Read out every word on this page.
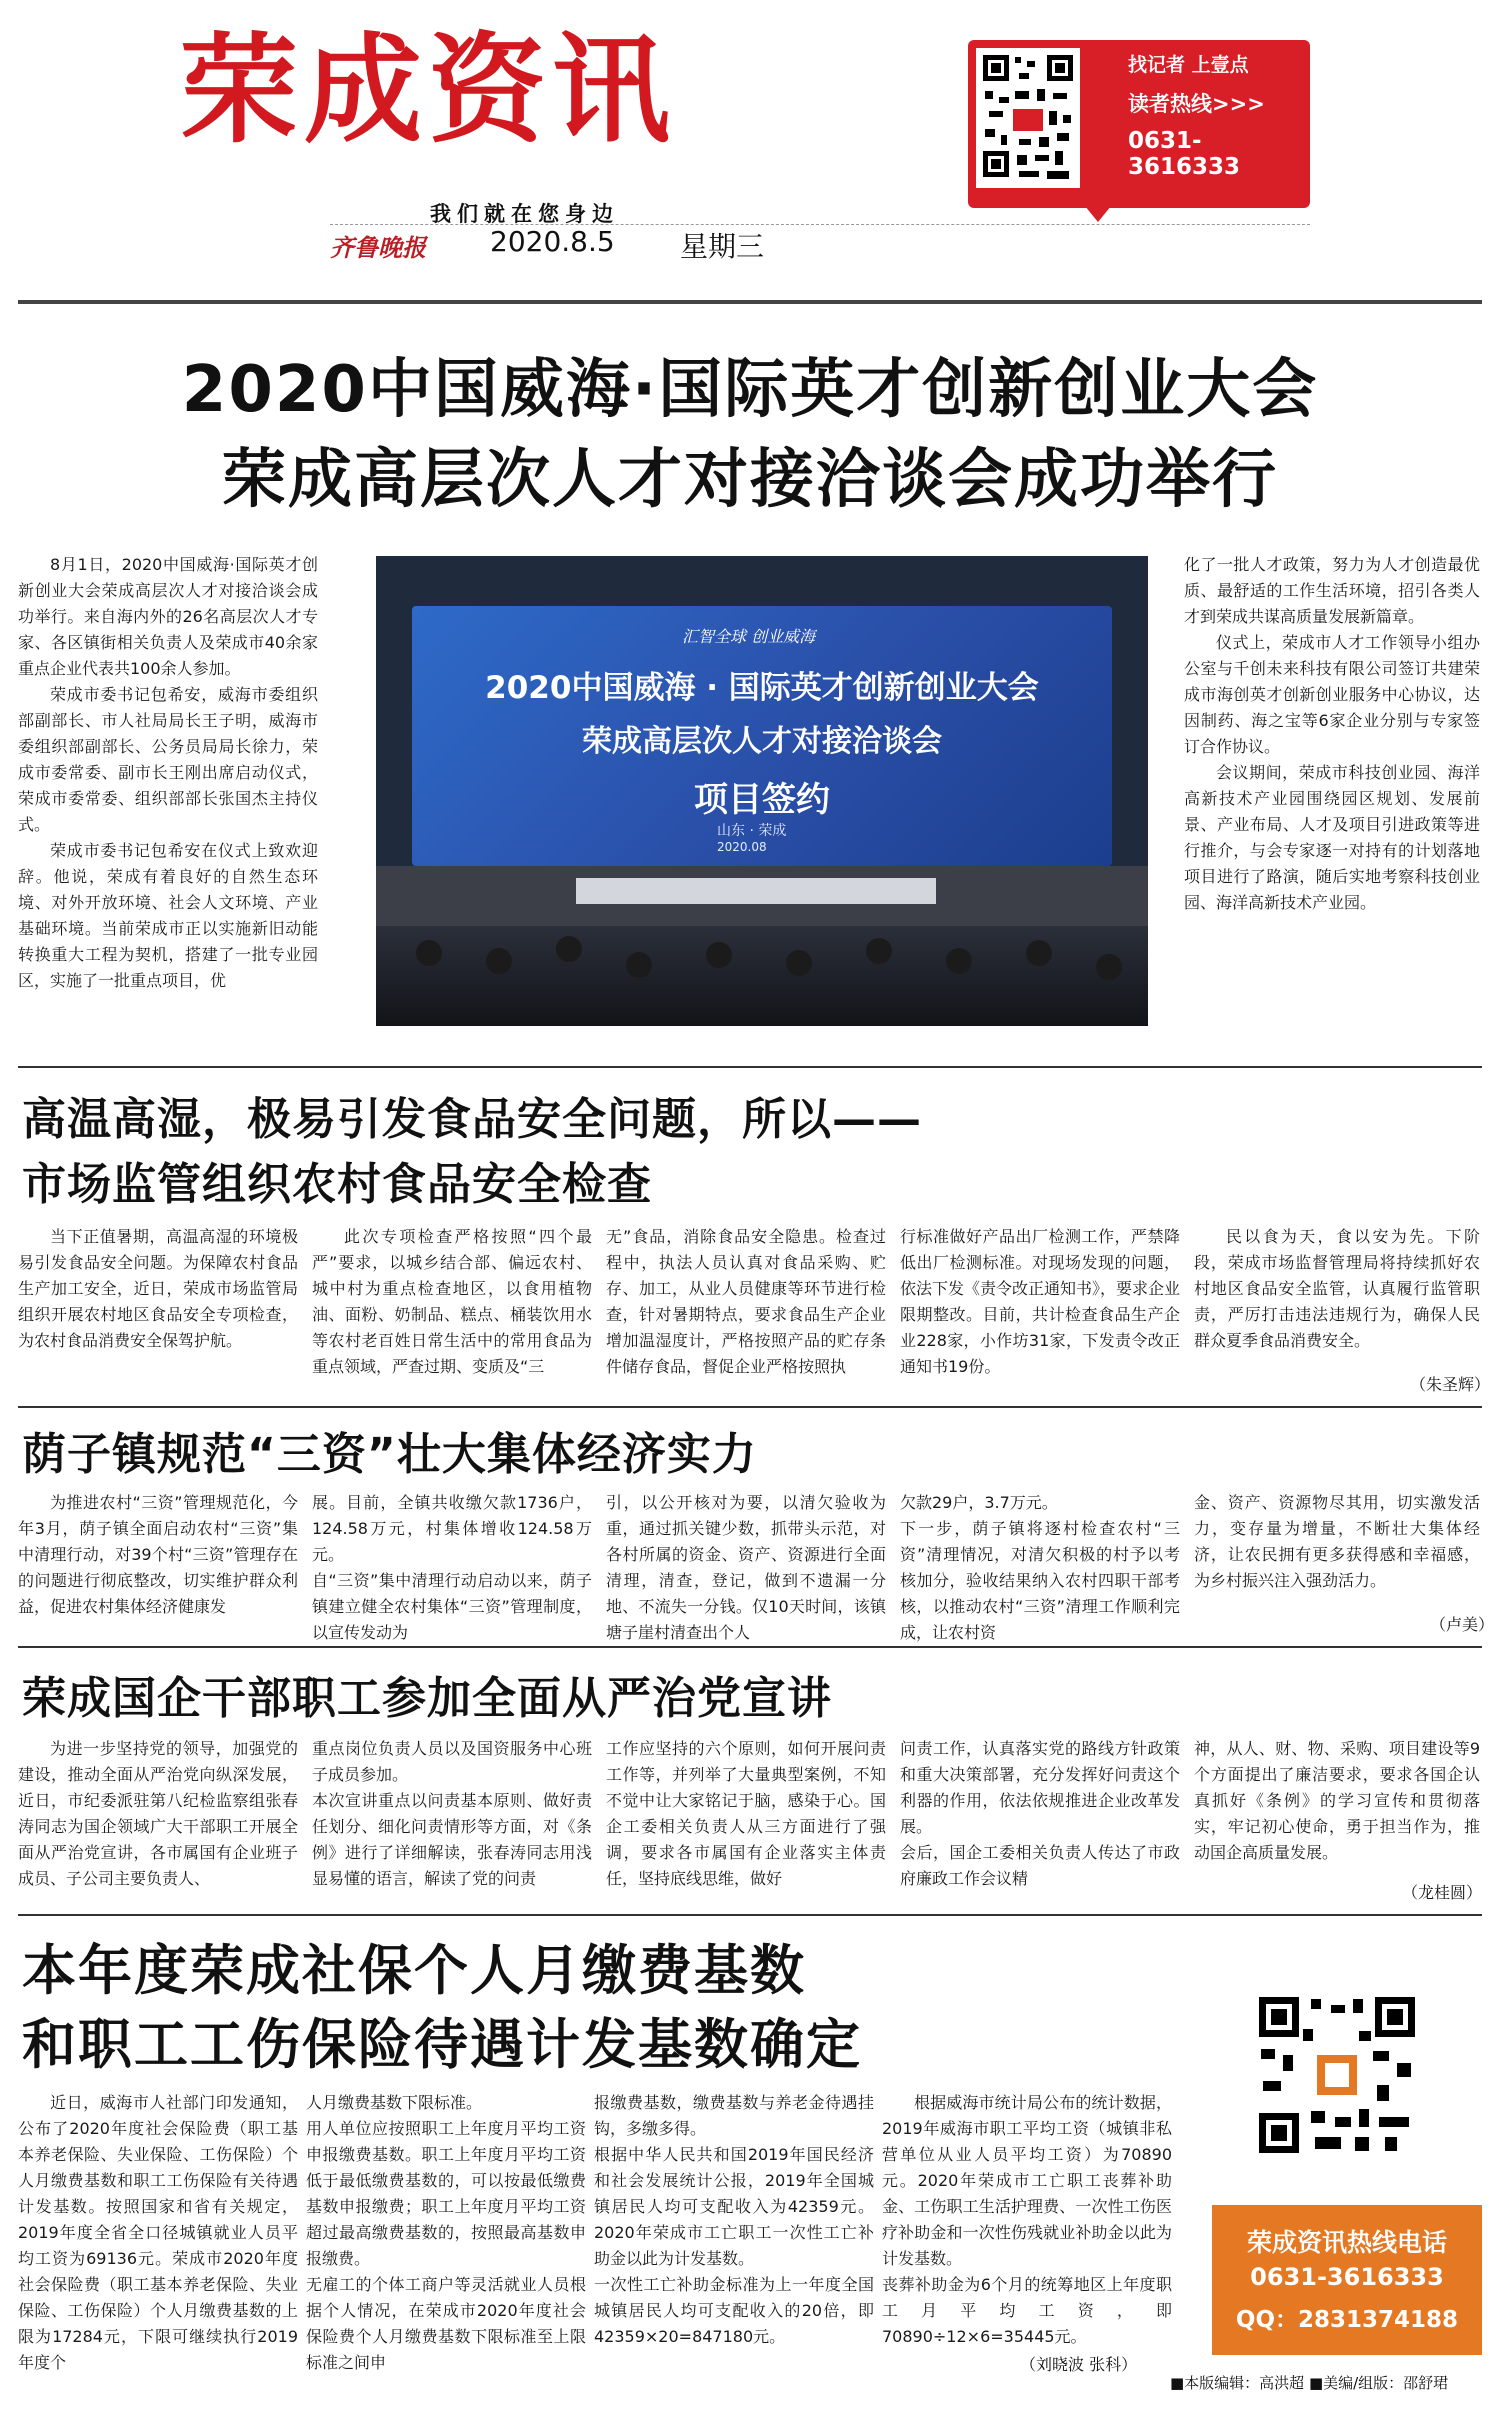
荣成资讯
我们就在您身边
齐鲁晚报 2020.8.5 星期三
找记者 上壹点
读者热线>>>
0631-3616333
2020中国威海·国际英才创新创业大会
荣成高层次人才对接洽谈会成功举行

8月1日，2020中国威海·国际英才创新创业大会荣成高层次人才对接洽谈会成功举行。来自海内外的26名高层次人才专家、各区镇街相关负责人及荣成市40余家重点企业代表共100余人参加。

荣成市委书记包希安，威海市委组织部副部长、市人社局局长王子明，威海市委组织部副部长、公务员局局长徐力，荣成市委常委、副市长王刚出席启动仪式，荣成市委常委、组织部部长张国杰主持仪式。

荣成市委书记包希安在仪式上致欢迎辞。他说，荣成有着良好的自然生态环境、对外开放环境、社会人文环境、产业基础环境。当前荣成市正以实施新旧动能转换重大工程为契机，搭建了一批专业园区，实施了一批重点项目，优

汇智全球 创业威海
2020中国威海 · 国际英才创新创业大会
荣成高层次人才对接洽谈会
项目签约
山东 · 荣成
2020.08

化了一批人才政策，努力为人才创造最优质、最舒适的工作生活环境，招引各类人才到荣成共谋高质量发展新篇章。

仪式上，荣成市人才工作领导小组办公室与千创未来科技有限公司签订共建荣成市海创英才创新创业服务中心协议，达因制药、海之宝等6家企业分别与专家签订合作协议。

会议期间，荣成市科技创业园、海洋高新技术产业园围绕园区规划、发展前景、产业布局、人才及项目引进政策等进行推介，与会专家逐一对持有的计划落地项目进行了路演，随后实地考察科技创业园、海洋高新技术产业园。

高温高湿，极易引发食品安全问题，所以——
市场监管组织农村食品安全检查

当下正值暑期，高温高湿的环境极易引发食品安全问题。为保障农村食品生产加工安全，近日，荣成市场监管局组织开展农村地区食品安全专项检查，为农村食品消费安全保驾护航。

此次专项检查严格按照“四个最严”要求，以城乡结合部、偏远农村、城中村为重点检查地区，以食用植物油、面粉、奶制品、糕点、桶装饮用水等农村老百姓日常生活中的常用食品为重点领域，严查过期、变质及“三

无”食品，消除食品安全隐患。检查过程中，执法人员认真对食品采购、贮存、加工，从业人员健康等环节进行检查，针对暑期特点，要求食品生产企业增加温湿度计，严格按照产品的贮存条件储存食品，督促企业严格按照执

行标准做好产品出厂检测工作，严禁降低出厂检测标准。对现场发现的问题，依法下发《责令改正通知书》，要求企业限期整改。目前，共计检查食品生产企业228家，小作坊31家，下发责令改正通知书19份。

民以食为天，食以安为先。下阶段，荣成市场监督管理局将持续抓好农村地区食品安全监管，认真履行监管职责，严厉打击违法违规行为，确保人民群众夏季食品消费安全。

（朱圣辉）
荫子镇规范“三资”壮大集体经济实力

为推进农村“三资”管理规范化，今年3月，荫子镇全面启动农村“三资”集中清理行动，对39个村“三资”管理存在的问题进行彻底整改，切实维护群众利益，促进农村集体经济健康发

展。目前，全镇共收缴欠款1736户，124.58万元，村集体增收124.58万元。
自“三资”集中清理行动启动以来，荫子镇建立健全农村集体“三资”管理制度，以宣传发动为

引，以公开核对为要，以清欠验收为重，通过抓关键少数，抓带头示范，对各村所属的资金、资产、资源进行全面清理，清查，登记，做到不遗漏一分地、不流失一分钱。仅10天时间，该镇塘子崖村清查出个人

欠款29户，3.7万元。
下一步，荫子镇将逐村检查农村“三资”清理情况，对清欠积极的村予以考核加分，验收结果纳入农村四职干部考核，以推动农村“三资”清理工作顺利完成，让农村资

金、资产、资源物尽其用，切实激发活力，变存量为增量，不断壮大集体经济，让农民拥有更多获得感和幸福感，为乡村振兴注入强劲活力。

（卢美）
荣成国企干部职工参加全面从严治党宣讲

为进一步坚持党的领导，加强党的建设，推动全面从严治党向纵深发展，近日，市纪委派驻第八纪检监察组张春涛同志为国企领域广大干部职工开展全面从严治党宣讲，各市属国有企业班子成员、子公司主要负责人、

重点岗位负责人员以及国资服务中心班子成员参加。
本次宣讲重点以问责基本原则、做好责任划分、细化问责情形等方面，对《条例》进行了详细解读，张春涛同志用浅显易懂的语言，解读了党的问责

工作应坚持的六个原则，如何开展问责工作等，并列举了大量典型案例，不知不觉中让大家铭记于脑，感染于心。国企工委相关负责人从三方面进行了强调，要求各市属国有企业落实主体责任，坚持底线思维，做好

问责工作，认真落实党的路线方针政策和重大决策部署，充分发挥好问责这个利器的作用，依法依规推进企业改革发展。
会后，国企工委相关负责人传达了市政府廉政工作会议精

神，从人、财、物、采购、项目建设等9个方面提出了廉洁要求，要求各国企认真抓好《条例》的学习宣传和贯彻落实，牢记初心使命，勇于担当作为，推动国企高质量发展。

（龙桂圆）
本年度荣成社保个人月缴费基数
和职工工伤保险待遇计发基数确定

近日，威海市人社部门印发通知，公布了2020年度社会保险费（职工基本养老保险、失业保险、工伤保险）个人月缴费基数和职工工伤保险有关待遇计发基数。按照国家和省有关规定，2019年度全省全口径城镇就业人员平均工资为69136元。荣成市2020年度社会保险费（职工基本养老保险、失业保险、工伤保险）个人月缴费基数的上限为17284元，下限可继续执行2019年度个

人月缴费基数下限标准。
用人单位应按照职工上年度月平均工资申报缴费基数。职工上年度月平均工资低于最低缴费基数的，可以按最低缴费基数申报缴费；职工上年度月平均工资超过最高缴费基数的，按照最高基数申报缴费。
无雇工的个体工商户等灵活就业人员根据个人情况，在荣成市2020年度社会保险费个人月缴费基数下限标准至上限标准之间申

报缴费基数，缴费基数与养老金待遇挂钩，多缴多得。
根据中华人民共和国2019年国民经济和社会发展统计公报，2019年全国城镇居民人均可支配收入为42359元。2020年荣成市工亡职工一次性工亡补助金以此为计发基数。
一次性工亡补助金标准为上一年度全国城镇居民人均可支配收入的20倍，即42359×20=847180元。

根据威海市统计局公布的统计数据，2019年威海市职工平均工资（城镇非私营单位从业人员平均工资）为70890元。2020年荣成市工亡职工丧葬补助金、工伤职工生活护理费、一次性工伤医疗补助金和一次性伤残就业补助金以此为计发基数。
丧葬补助金为6个月的统筹地区上年度职工月平均工资，即70890÷12×6=35445元。

（刘晓波 张科）
荣成资讯热线电话
0631-3616333
QQ：2831374188
■本版编辑：高洪超 ■美编/组版：邵舒珺
